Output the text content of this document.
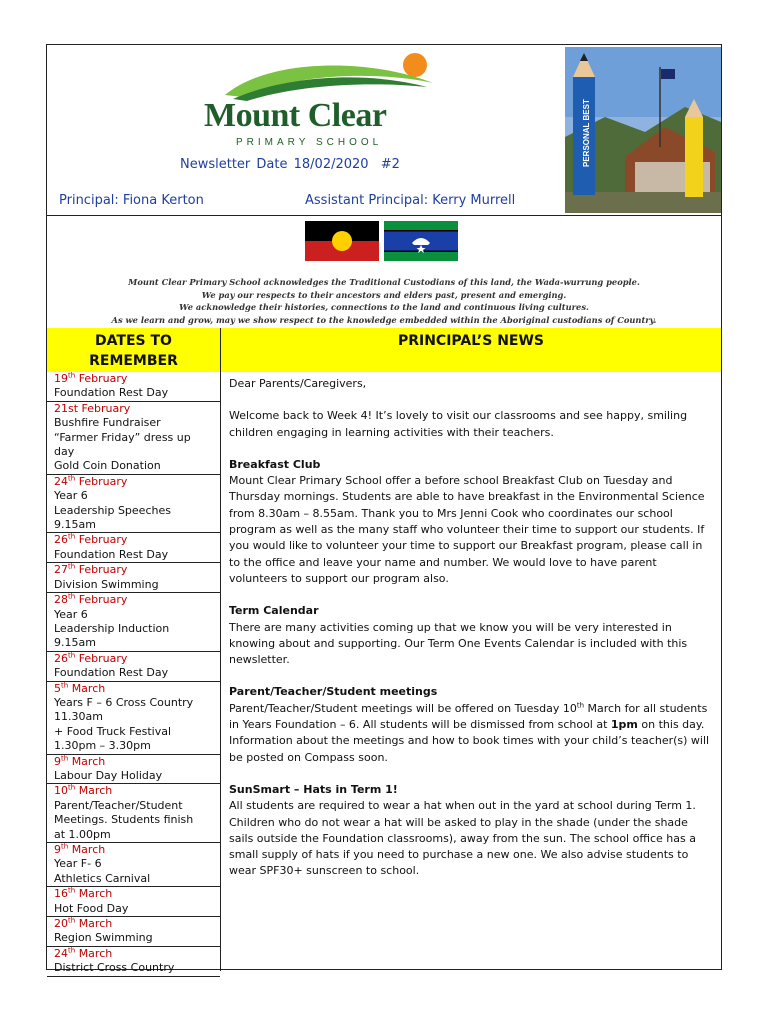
Mount Clear
PRIMARY SCHOOL
Newsletter Date 18/02/2020 #2
Principal: Fiona Kerton	Assistant Principal: Kerry Murrell
PERSONAL BEST
Mount Clear Primary School acknowledges the Traditional Custodians of this land, the Wada-wurrung people.
We pay our respects to their ancestors and elders past, present and emerging.
We acknowledge their histories, connections to the land and continuous living cultures.
As we learn and grow, may we show respect to the knowledge embedded within the Aboriginal custodians of Country.
DATES TO REMEMBER
PRINCIPAL’S NEWS
19th February
Foundation Rest Day
21st February
Bushfire Fundraiser
“Farmer Friday” dress up
day
Gold Coin Donation
24th February
Year 6
Leadership Speeches
9.15am
26th February
Foundation Rest Day
27th February
Division Swimming
28th February
Year 6
Leadership Induction
9.15am
26th February
Foundation Rest Day
5th March
Years F – 6 Cross Country
11.30am
+ Food Truck Festival
1.30pm – 3.30pm
9th March
Labour Day Holiday
10th March
Parent/Teacher/Student
Meetings. Students finish
at 1.00pm
9th March
Year F- 6
Athletics Carnival
16th March
Hot Food Day
20th March
Region Swimming
24th March
District Cross Country

Dear Parents/Caregivers,

Welcome back to Week 4! It’s lovely to visit our classrooms and see happy, smiling children engaging in learning activities with their teachers.

Breakfast Club
Mount Clear Primary School offer a before school Breakfast Club on Tuesday and Thursday mornings. Students are able to have breakfast in the Environmental Science from 8.30am – 8.55am. Thank you to Mrs Jenni Cook who coordinates our school program as well as the many staff who volunteer their time to support our students. If you would like to volunteer your time to support our Breakfast program, please call in to the office and leave your name and number. We would love to have parent volunteers to support our program also.

Term Calendar
There are many activities coming up that we know you will be very interested in knowing about and supporting. Our Term One Events Calendar is included with this newsletter.

Parent/Teacher/Student meetings
Parent/Teacher/Student meetings will be offered on Tuesday 10th March for all students in Years Foundation – 6. All students will be dismissed from school at 1pm on this day. Information about the meetings and how to book times with your child’s teacher(s) will be posted on Compass soon.

SunSmart – Hats in Term 1!
All students are required to wear a hat when out in the yard at school during Term 1. Children who do not wear a hat will be asked to play in the shade (under the shade sails outside the Foundation classrooms), away from the sun. The school office has a small supply of hats if you need to purchase a new one. We also advise students to wear SPF30+ sunscreen to school.
